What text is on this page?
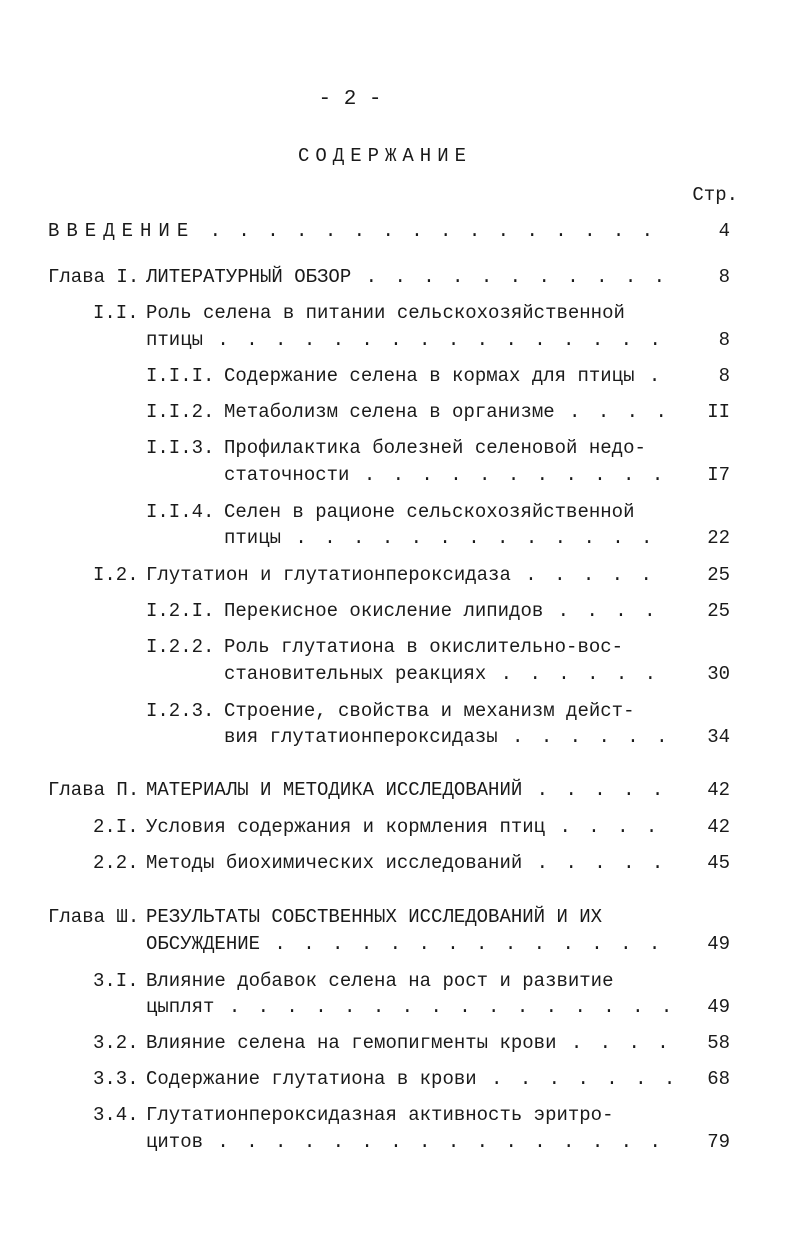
- 2 -
СОДЕРЖАНИЕ
Стр.
ВВЕДЕНИЕ . . .	4
Глава I. ЛИТЕРАТУРНЫЙ ОБЗОР . . .	8
I.I. Роль селена в питании сельскохозяйственной
птицы . . .	8
I.I.I. Содержание селена в кормах для птицы . . .	8
I.I.2. Метаболизм селена в организме . . .	II
I.I.3. Профилактика болезней селеновой недо-
статочности . . .	I7
I.I.4. Селен в рационе сельскохозяйственной
птицы . . .	22
I.2. Глутатион и глутатионпероксидаза . . .	25
I.2.I. Перекисное окисление липидов . . .	25
I.2.2. Роль глутатиона в окислительно-вос-
становительных реакциях . . .	30
I.2.3. Строение, свойства и механизм дейст-
вия глутатионпероксидазы . . .	34
Глава П. МАТЕРИАЛЫ И МЕТОДИКА ИССЛЕДОВАНИЙ . . .	42
2.I. Условия содержания и кормления птиц . . .	42
2.2. Методы биохимических исследований . . .	45
Глава Ш. РЕЗУЛЬТАТЫ СОБСТВЕННЫХ ИССЛЕДОВАНИЙ И ИХ
ОБСУЖДЕНИЕ . . .	49
3.I. Влияние добавок селена на рост и развитие
цыплят . . .	49
3.2. Влияние селена на гемопигменты крови . . .	58
3.3. Содержание глутатиона в крови . . .	68
3.4. Глутатионпероксидазная активность эритро-
цитов . . .	79
